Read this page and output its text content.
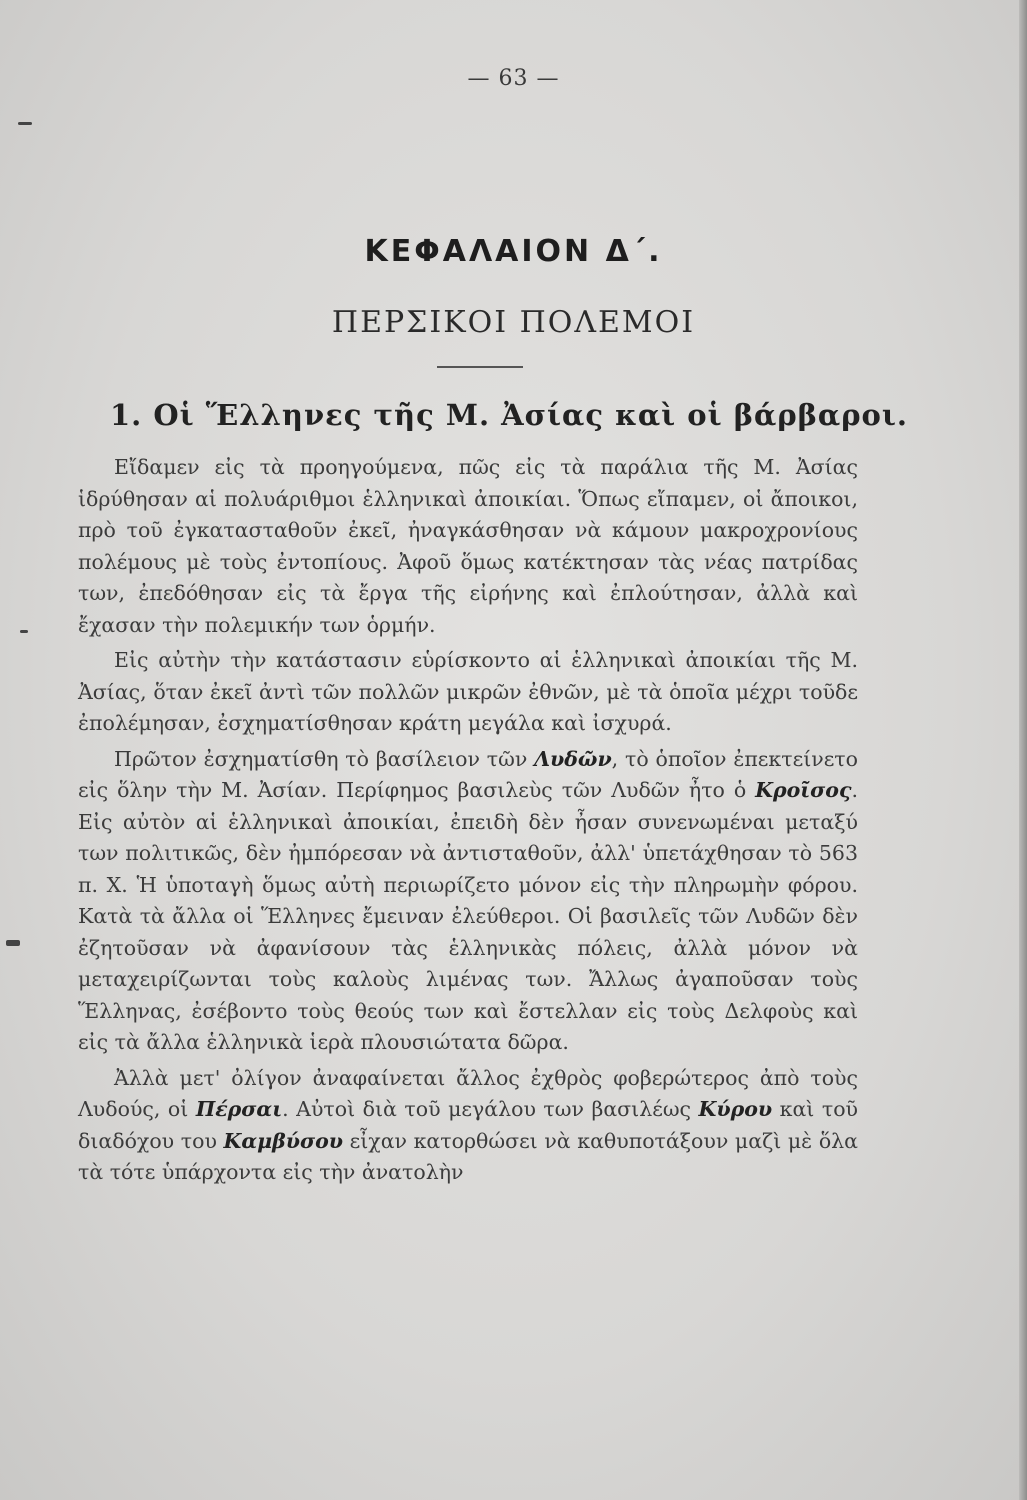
— 63 —
ΚΕΦΑΛΑΙΟΝ Δ΄.
ΠΕΡΣΙΚΟΙ ΠΟΛΕΜΟΙ
1. Οἱ Ἕλληνες τῆς Μ. Ἀσίας καὶ οἱ βάρβαροι.

Εἴδαμεν εἰς τὰ προηγούμενα, πῶς εἰς τὰ παράλια τῆς Μ. Ἀσίας ἱδρύθησαν αἱ πολυάριθμοι ἑλληνικαὶ ἀποικίαι. Ὅπως εἴπαμεν, οἱ ἄποικοι, πρὸ τοῦ ἐγκατασταθοῦν ἐκεῖ, ἠναγκάσθησαν νὰ κάμουν μακροχρονίους πολέμους μὲ τοὺς ἐντοπίους. Ἀφοῦ ὅμως κατέκτησαν τὰς νέας πατρίδας των, ἐπεδόθησαν εἰς τὰ ἔργα τῆς εἰρήνης καὶ ἐπλούτησαν, ἀλλὰ καὶ ἔχασαν τὴν πολεμικήν των ὁρμήν.

Εἰς αὐτὴν τὴν κατάστασιν εὑρίσκοντο αἱ ἑλληνικαὶ ἀποικίαι τῆς Μ. Ἀσίας, ὅταν ἐκεῖ ἀντὶ τῶν πολλῶν μικρῶν ἐθνῶν, μὲ τὰ ὁποῖα μέχρι τοῦδε ἐπολέμησαν, ἐσχηματίσθησαν κράτη μεγάλα καὶ ἰσχυρά.

Πρῶτον ἐσχηματίσθη τὸ βασίλειον τῶν Λυδῶν, τὸ ὁποῖον ἐπεκτείνετο εἰς ὅλην τὴν Μ. Ἀσίαν. Περίφημος βασιλεὺς τῶν Λυδῶν ἦτο ὁ Κροῖσος. Εἰς αὐτὸν αἱ ἑλληνικαὶ ἀποικίαι, ἐπειδὴ δὲν ἦσαν συνενωμέναι μεταξύ των πολιτικῶς, δὲν ἠμπόρεσαν νὰ ἀντισταθοῦν, ἀλλ' ὑπετάχθησαν τὸ 563 π. Χ. Ἡ ὑποταγὴ ὅμως αὐτὴ περιωρίζετο μόνον εἰς τὴν πληρωμὴν φόρου. Κατὰ τὰ ἄλλα οἱ Ἕλληνες ἔμειναν ἐλεύθεροι. Οἱ βασιλεῖς τῶν Λυδῶν δὲν ἐζητοῦσαν νὰ ἀφανίσουν τὰς ἑλληνικὰς πόλεις, ἀλλὰ μόνον νὰ μεταχειρίζωνται τοὺς καλοὺς λιμένας των. Ἄλλως ἀγαποῦσαν τοὺς Ἕλληνας, ἐσέβοντο τοὺς θεούς των καὶ ἔστελλαν εἰς τοὺς Δελφοὺς καὶ εἰς τὰ ἄλλα ἑλληνικὰ ἱερὰ πλουσιώτατα δῶρα.

Ἀλλὰ μετ' ὀλίγον ἀναφαίνεται ἄλλος ἐχθρὸς φοβερώτερος ἀπὸ τοὺς Λυδούς, οἱ Πέρσαι. Αὐτοὶ διὰ τοῦ μεγάλου των βασιλέως Κύρου καὶ τοῦ διαδόχου του Καμβύσου εἶχαν κατορθώσει νὰ καθυποτάξουν μαζὶ μὲ ὅλα τὰ τότε ὑπάρχοντα εἰς τὴν ἀνατολὴν
